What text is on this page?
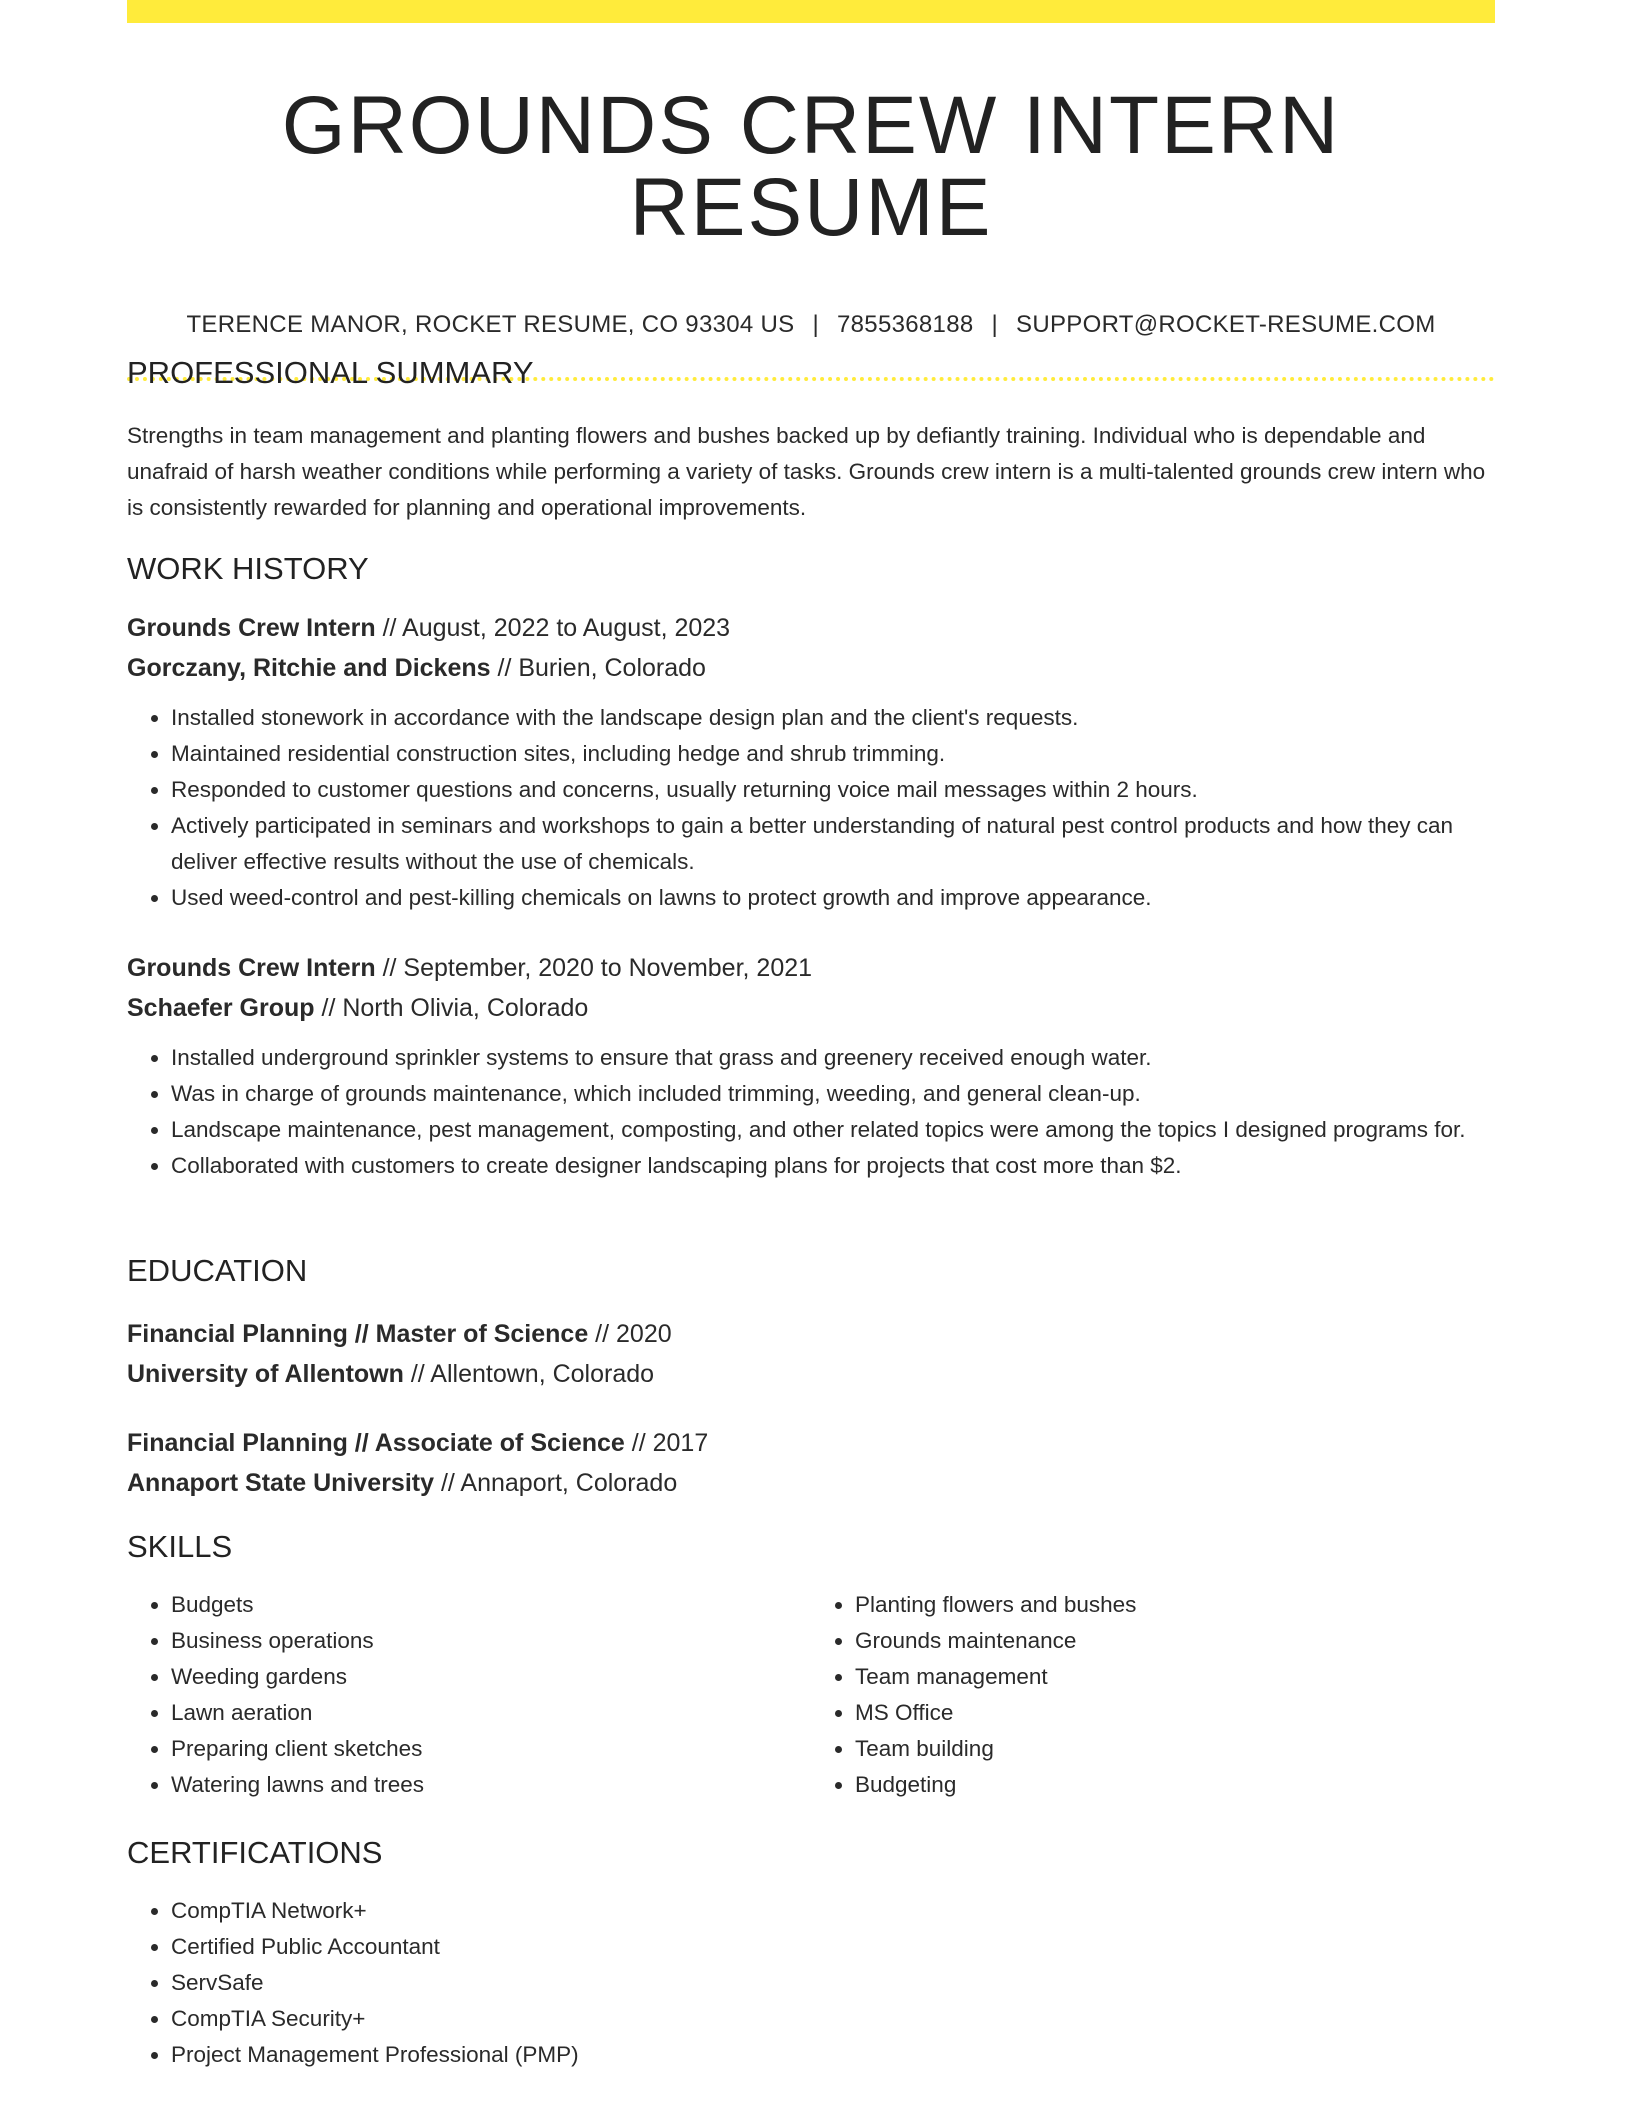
GROUNDS CREW INTERN RESUME
TERENCE MANOR, ROCKET RESUME, CO 93304 US | 7855368188 | SUPPORT@ROCKET-RESUME.COM
PROFESSIONAL SUMMARY

Strengths in team management and planting flowers and bushes backed up by defiantly training. Individual who is dependable and unafraid of harsh weather conditions while performing a variety of tasks. Grounds crew intern is a multi-talented grounds crew intern who is consistently rewarded for planning and operational improvements.

WORK HISTORY
Grounds Crew Intern // August, 2022 to August, 2023
Gorczany, Ritchie and Dickens // Burien, Colorado
• Installed stonework in accordance with the landscape design plan and the client's requests.
• Maintained residential construction sites, including hedge and shrub trimming.
• Responded to customer questions and concerns, usually returning voice mail messages within 2 hours.
• Actively participated in seminars and workshops to gain a better understanding of natural pest control products and how they can deliver effective results without the use of chemicals.
• Used weed-control and pest-killing chemicals on lawns to protect growth and improve appearance.
Grounds Crew Intern // September, 2020 to November, 2021
Schaefer Group // North Olivia, Colorado
• Installed underground sprinkler systems to ensure that grass and greenery received enough water.
• Was in charge of grounds maintenance, which included trimming, weeding, and general clean-up.
• Landscape maintenance, pest management, composting, and other related topics were among the topics I designed programs for.
• Collaborated with customers to create designer landscaping plans for projects that cost more than $2.
EDUCATION
Financial Planning // Master of Science // 2020
University of Allentown // Allentown, Colorado
Financial Planning // Associate of Science // 2017
Annaport State University // Annaport, Colorado
SKILLS
• Budgets
• Business operations
• Weeding gardens
• Lawn aeration
• Preparing client sketches
• Watering lawns and trees
• Planting flowers and bushes
• Grounds maintenance
• Team management
• MS Office
• Team building
• Budgeting
CERTIFICATIONS
• CompTIA Network+
• Certified Public Accountant
• ServSafe
• CompTIA Security+
• Project Management Professional (PMP)
